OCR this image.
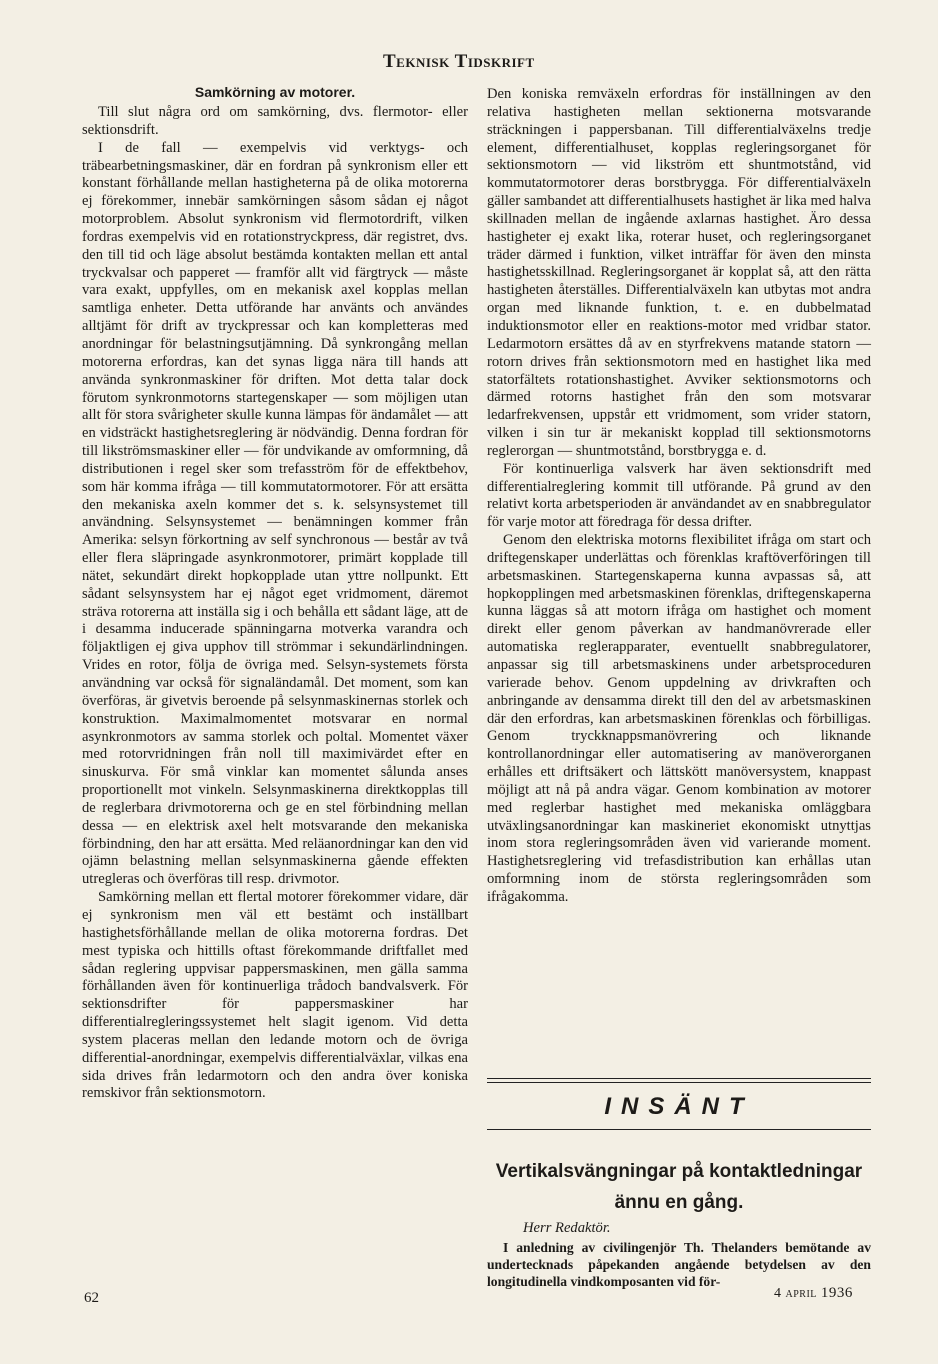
Teknisk Tidskrift
Samkörning av motorer.

Till slut några ord om samkörning, dvs. flermotor- eller sektionsdrift.

I de fall — exempelvis vid verktygs- och träbearbetningsmaskiner, där en fordran på synkronism eller ett konstant förhållande mellan hastigheterna på de olika motorerna ej förekommer, innebär samkörningen såsom sådan ej något motorproblem. Absolut synkronism vid flermotordrift, vilken fordras exempelvis vid en rotationstryckpress, där registret, dvs. den till tid och läge absolut bestämda kontakten mellan ett antal tryckvalsar och papperet — framför allt vid färgtryck — måste vara exakt, uppfylles, om en mekanisk axel kopplas mellan samtliga enheter. Detta utförande har använts och användes alltjämt för drift av tryckpressar och kan kompletteras med anordningar för belastningsutjämning. Då synkrongång mellan motorerna erfordras, kan det synas ligga nära till hands att använda synkronmaskiner för driften. Mot detta talar dock förutom synkronmotorns startegenskaper — som möjligen utan allt för stora svårigheter skulle kunna lämpas för ändamålet — att en vidsträckt hastighetsreglering är nödvändig. Denna fordran för till likströmsmaskiner eller — för undvikande av omformning, då distributionen i regel sker som trefasström för de effektbehov, som här komma ifråga — till kommutatormotorer. För att ersätta den mekaniska axeln kommer det s. k. selsynsystemet till användning. Selsynsystemet — benämningen kommer från Amerika: selsyn förkortning av self synchronous — består av två eller flera släpringade asynkronmotorer, primärt kopplade till nätet, sekundärt direkt hopkopplade utan yttre nollpunkt. Ett sådant selsynsystem har ej något eget vridmoment, däremot sträva rotorerna att inställa sig i och behålla ett sådant läge, att de i desamma inducerade spänningarna motverka varandra och följaktligen ej giva upphov till strömmar i sekundärlindningen. Vrides en rotor, följa de övriga med. Selsyn-systemets första användning var också för signaländamål. Det moment, som kan överföras, är givetvis beroende på selsynmaskinernas storlek och konstruktion. Maximalmomentet motsvarar en normal asynkronmotors av samma storlek och poltal. Momentet växer med rotorvridningen från noll till maximivärdet efter en sinuskurva. För små vinklar kan momentet sålunda anses proportionellt mot vinkeln. Selsynmaskinerna direktkopplas till de reglerbara drivmotorerna och ge en stel förbindning mellan dessa — en elektrisk axel helt motsvarande den mekaniska förbindning, den har att ersätta. Med reläanordningar kan den vid ojämn belastning mellan selsynmaskinerna gående effekten utregleras och överföras till resp. drivmotor.

Samkörning mellan ett flertal motorer förekommer vidare, där ej synkronism men väl ett bestämt och inställbart hastighetsförhållande mellan de olika motorerna fordras. Det mest typiska och hittills oftast förekommande driftfallet med sådan reglering uppvisar pappersmaskinen, men gälla samma förhållanden även för kontinuerliga trådoch bandvalsverk. För sektionsdrifter för pappersmaskiner har differentialregleringssystemet helt slagit igenom. Vid detta system placeras mellan den ledande motorn och de övriga differential-anordningar, exempelvis differentialväxlar, vilkas ena sida drives från ledarmotorn och den andra över koniska remskivor från sektionsmotorn.

Den koniska remväxeln erfordras för inställningen av den relativa hastigheten mellan sektionerna motsvarande sträckningen i pappersbanan. Till differentialväxelns tredje element, differentialhuset, kopplas regleringsorganet för sektionsmotorn — vid likström ett shuntmotstånd, vid kommutatormotorer deras borstbrygga. För differentialväxeln gäller sambandet att differentialhusets hastighet är lika med halva skillnaden mellan de ingående axlarnas hastighet. Äro dessa hastigheter ej exakt lika, roterar huset, och regleringsorganet träder därmed i funktion, vilket inträffar för även den minsta hastighetsskillnad. Regleringsorganet är kopplat så, att den rätta hastigheten återställes. Differentialväxeln kan utbytas mot andra organ med liknande funktion, t. e. en dubbelmatad induktionsmotor eller en reaktions-motor med vridbar stator. Ledarmotorn ersättes då av en styrfrekvens matande statorn — rotorn drives från sektionsmotorn med en hastighet lika med statorfältets rotationshastighet. Avviker sektionsmotorns och därmed rotorns hastighet från den som motsvarar ledarfrekvensen, uppstår ett vridmoment, som vrider statorn, vilken i sin tur är mekaniskt kopplad till sektionsmotorns reglerorgan — shuntmotstånd, borstbrygga e. d.

För kontinuerliga valsverk har även sektionsdrift med differentialreglering kommit till utförande. På grund av den relativt korta arbetsperioden är användandet av en snabbregulator för varje motor att föredraga för dessa drifter.

Genom den elektriska motorns flexibilitet ifråga om start och driftegenskaper underlättas och förenklas kraftöverföringen till arbetsmaskinen. Startegenskaperna kunna avpassas så, att hopkopplingen med arbetsmaskinen förenklas, driftegenskaperna kunna läggas så att motorn ifråga om hastighet och moment direkt eller genom påverkan av handmanövrerade eller automatiska reglerapparater, eventuellt snabbregulatorer, anpassar sig till arbetsmaskinens under arbetsproceduren varierade behov. Genom uppdelning av drivkraften och anbringande av densamma direkt till den del av arbetsmaskinen där den erfordras, kan arbetsmaskinen förenklas och förbilligas. Genom tryckknappsmanövrering och liknande kontrollanordningar eller automatisering av manöverorganen erhålles ett driftsäkert och lättskött manöversystem, knappast möjligt att nå på andra vägar. Genom kombination av motorer med reglerbar hastighet med mekaniska omläggbara utväxlingsanordningar kan maskineriet ekonomiskt utnyttjas inom stora regleringsområden även vid varierande moment. Hastighetsreglering vid trefasdistribution kan erhållas utan omformning inom de största regleringsområden som ifrågakomma.

INSÄNT
Vertikalsvängningar på kontaktledningar
ännu en gång.
Herr Redaktör.

I anledning av civilingenjör Th. Thelanders bemötande av undertecknads påpekanden angående betydelsen av den longitudinella vindkomposanten vid för-

62	4 april 1936
